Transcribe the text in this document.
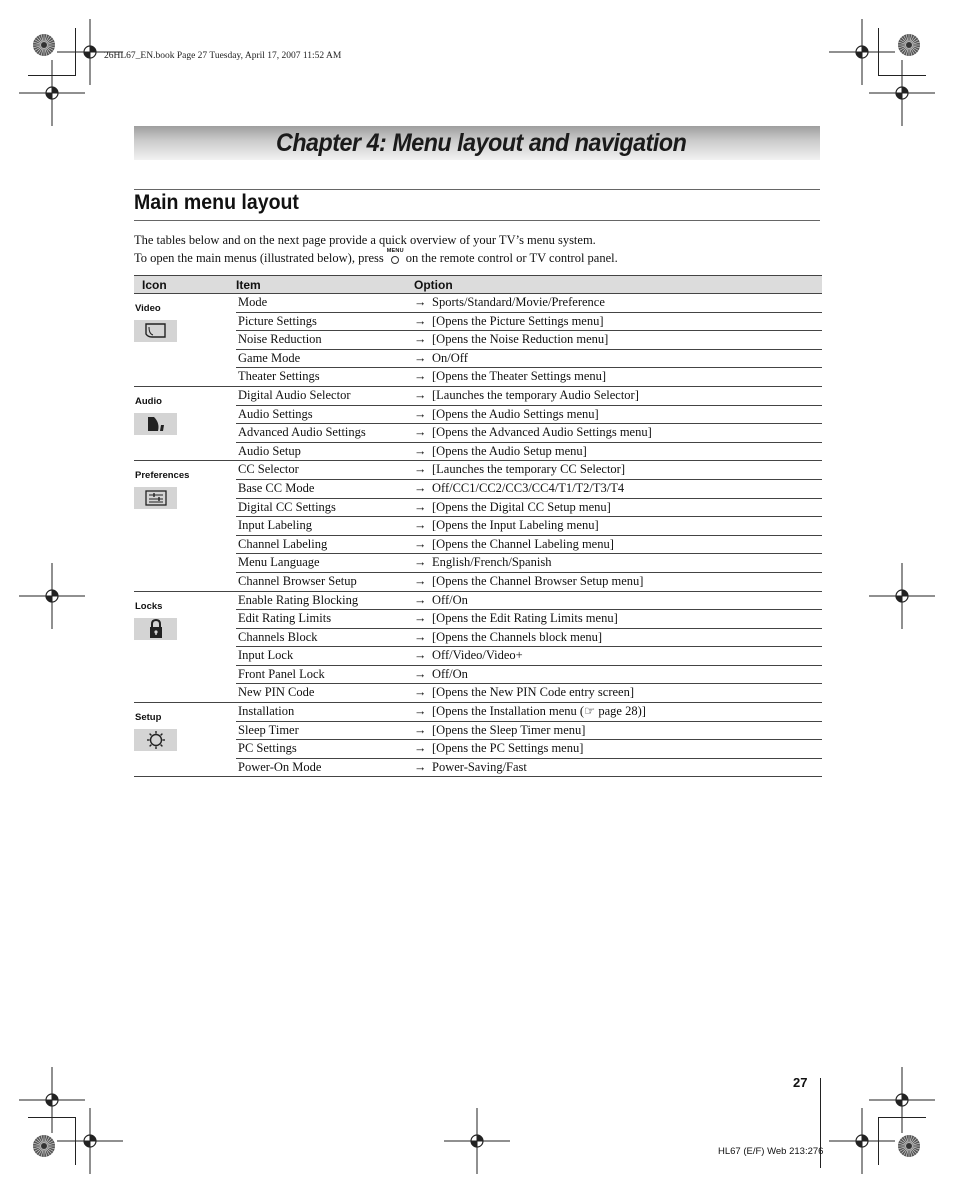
26HL67_EN.book Page 27 Tuesday, April 17, 2007 11:52 AM
Chapter 4: Menu layout and navigation
Main menu layout
The tables below and on the next page provide a quick overview of your TV’s menu system.
To open the main menus (illustrated below), press MENU on the remote control or TV control panel.
Icon	Item	Option

Video	Mode	→ Sports/Standard/Movie/Preference
	Picture Settings	→ [Opens the Picture Settings menu]
	Noise Reduction	→ [Opens the Noise Reduction menu]
	Game Mode	→ On/Off
	Theater Settings	→ [Opens the Theater Settings menu]

Audio	Digital Audio Selector	→ [Launches the temporary Audio Selector]
	Audio Settings	→ [Opens the Audio Settings menu]
	Advanced Audio Settings	→ [Opens the Advanced Audio Settings menu]
	Audio Setup	→ [Opens the Audio Setup menu]

Preferences	CC Selector	→ [Launches the temporary CC Selector]
	Base CC Mode	→ Off/CC1/CC2/CC3/CC4/T1/T2/T3/T4
	Digital CC Settings	→ [Opens the Digital CC Setup menu]
	Input Labeling	→ [Opens the Input Labeling menu]
	Channel Labeling	→ [Opens the Channel Labeling menu]
	Menu Language	→ English/French/Spanish
	Channel Browser Setup	→ [Opens the Channel Browser Setup menu]

Locks	Enable Rating Blocking	→ Off/On
	Edit Rating Limits	→ [Opens the Edit Rating Limits menu]
	Channels Block	→ [Opens the Channels block menu]
	Input Lock	→ Off/Video/Video+
	Front Panel Lock	→ Off/On
	New PIN Code	→ [Opens the New PIN Code entry screen]

Setup	Installation	→ [Opens the Installation menu (☞ page 28)]
	Sleep Timer	→ [Opens the Sleep Timer menu]
	PC Settings	→ [Opens the PC Settings menu]
	Power-On Mode	→ Power-Saving/Fast
27
HL67 (E/F) Web 213:276
